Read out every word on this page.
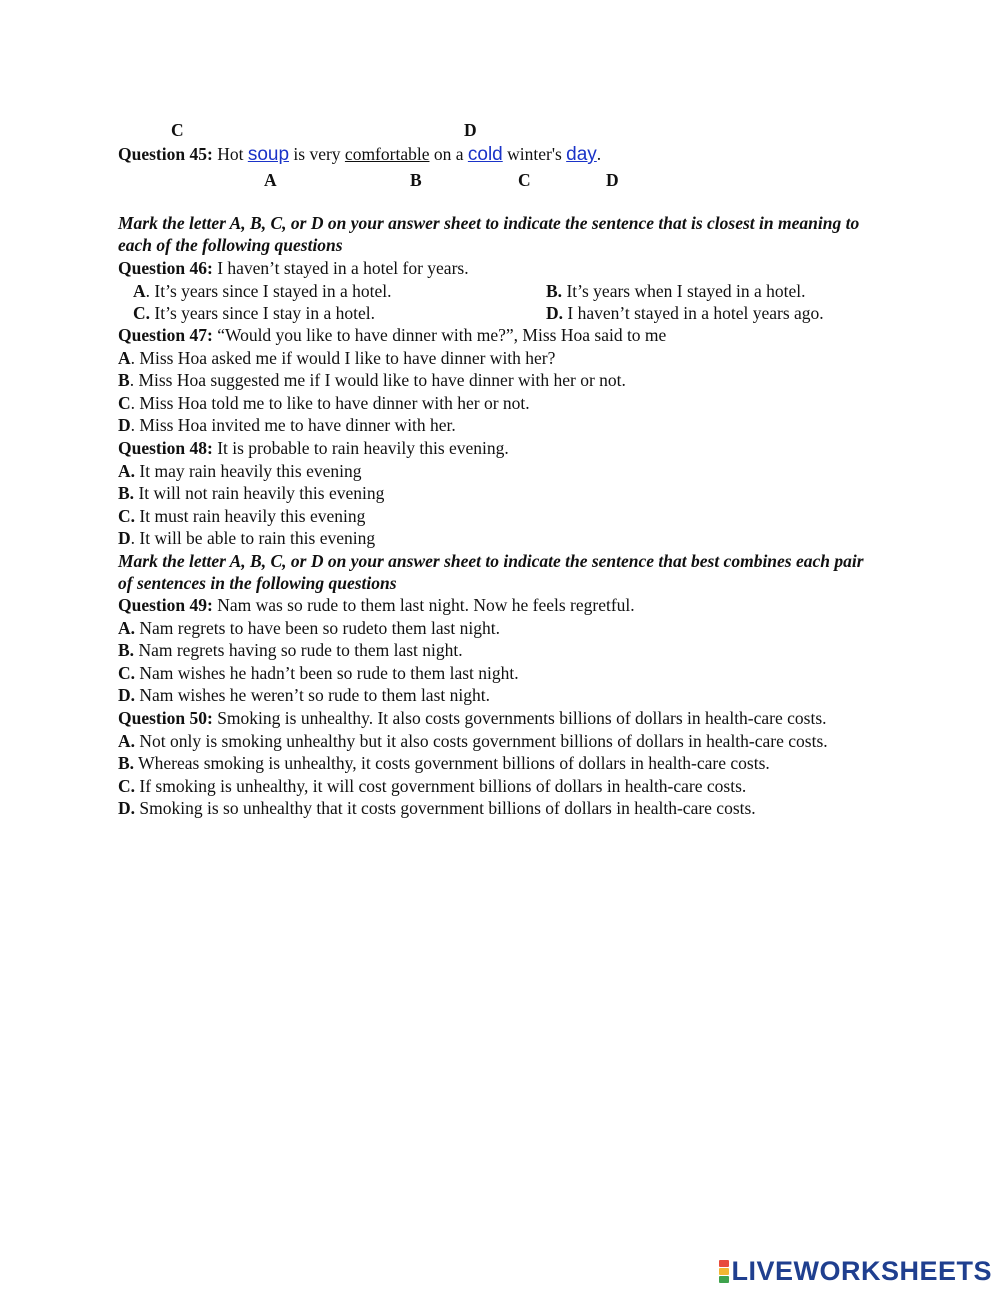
C	D
Question 45: Hot soup is very comfortable on a cold winter's day.
A	B	C	D
Mark the letter A, B, C, or D on your answer sheet to indicate the sentence that is closest in meaning to
each of the following questions
Question 46: I haven’t stayed in a hotel for years.
A. It’s years since I stayed in a hotel.	B. It’s years when I stayed in a hotel.
C. It’s years since I stay in a hotel.	D. I haven’t stayed in a hotel years ago.
Question 47: “Would you like to have dinner with me?”, Miss Hoa said to me
A. Miss Hoa asked me if would I like to have dinner with her?
B. Miss Hoa suggested me if I would like to have dinner with her or not.
C. Miss Hoa told me to like to have dinner with her or not.
D. Miss Hoa invited me to have dinner with her.
Question 48: It is probable to rain heavily this evening.
A. It may rain heavily this evening
B. It will not rain heavily this evening
C. It must rain heavily this evening
D. It will be able to rain this evening
Mark the letter A, B, C, or D on your answer sheet to indicate the sentence that best combines each pair
of sentences in the following questions
Question 49: Nam was so rude to them last night. Now he feels regretful.
A. Nam regrets to have been so rudeto them last night.
B. Nam regrets having so rude to them last night.
C. Nam wishes he hadn’t been so rude to them last night.
D. Nam wishes he weren’t so rude to them last night.
Question 50: Smoking is unhealthy. It also costs governments billions of dollars in health-care costs.
A. Not only is smoking unhealthy but it also costs government billions of dollars in health-care costs.
B. Whereas smoking is unhealthy, it costs government billions of dollars in health-care costs.
C. If smoking is unhealthy, it will cost government billions of dollars in health-care costs.
D. Smoking is so unhealthy that it costs government billions of dollars in health-care costs.
LIVEWORKSHEETS
